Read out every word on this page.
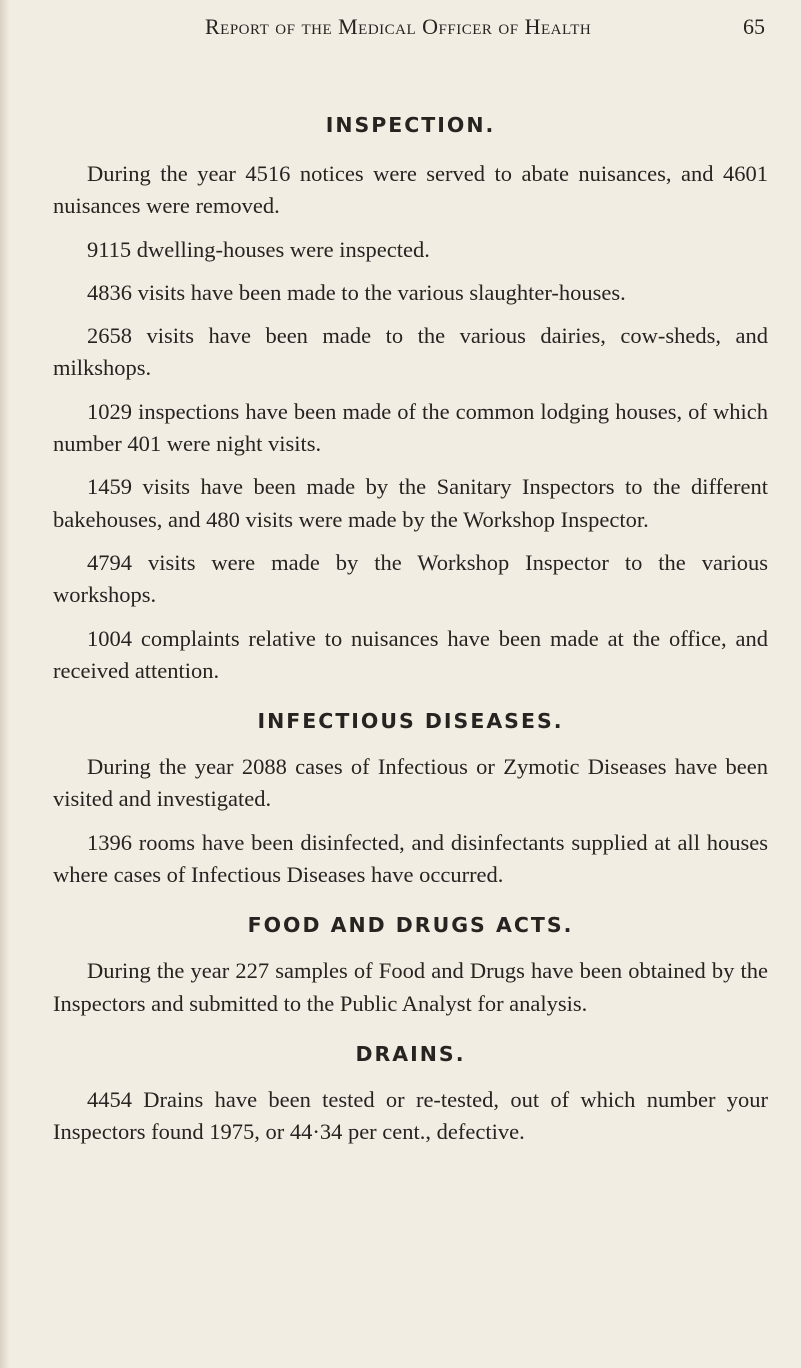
Report of the Medical Officer of Health	65
INSPECTION.

During the year 4516 notices were served to abate nuisances, and 4601 nuisances were removed.

9115 dwelling-houses were inspected.

4836 visits have been made to the various slaughter-houses.

2658 visits have been made to the various dairies, cow-sheds, and milkshops.

1029 inspections have been made of the common lodging houses, of which number 401 were night visits.

1459 visits have been made by the Sanitary Inspectors to the different bakehouses, and 480 visits were made by the Workshop Inspector.

4794 visits were made by the Workshop Inspector to the various workshops.

1004 complaints relative to nuisances have been made at the office, and received attention.

INFECTIOUS DISEASES.

During the year 2088 cases of Infectious or Zymotic Diseases have been visited and investigated.

1396 rooms have been disinfected, and disinfectants supplied at all houses where cases of Infectious Diseases have occurred.

FOOD AND DRUGS ACTS.

During the year 227 samples of Food and Drugs have been obtained by the Inspectors and submitted to the Public Analyst for analysis.

DRAINS.

4454 Drains have been tested or re-tested, out of which number your Inspectors found 1975, or 44·34 per cent., defective.
